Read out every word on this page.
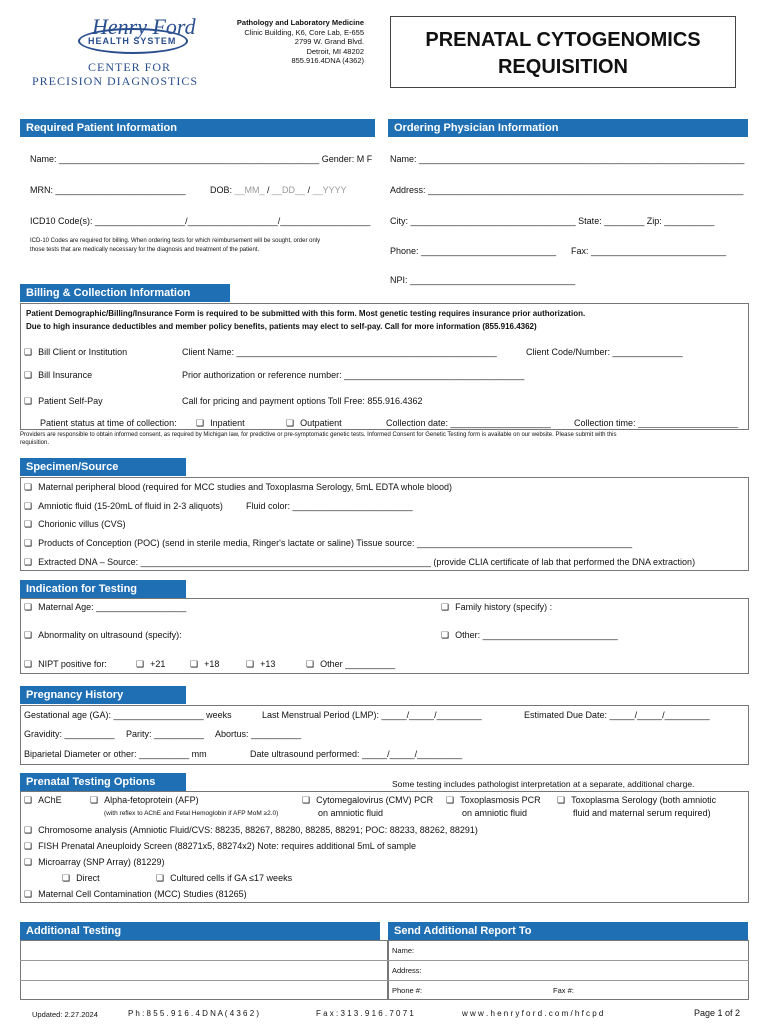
Henry Ford
HEALTH SYSTEM
CENTER FOR
PRECISION DIAGNOSTICS
Pathology and Laboratory Medicine
Clinic Building, K6, Core Lab, E-655
2799 W. Grand Blvd.
Detroit, MI 48202
855.916.4DNA (4362)
PRENATAL CYTOGENOMICS
REQUISITION
Required Patient Information	Ordering Physician Information
Name: ____________________________________________________ Gender: M F
MRN: __________________________	DOB: __MM_ / __DD__ / __YYYY
ICD10 Code(s): __________________/__________________/__________________
ICD-10 Codes are required for billing. When ordering tests for which reimbursement will be sought, order only
those tests that are medically necessary for the diagnosis and treatment of the patient.
Name: _________________________________________________________________
Address: _______________________________________________________________
City: _________________________________ State: ________ Zip: __________
Phone: ___________________________ Fax: ___________________________
NPI: _________________________________
Billing & Collection Information
Patient Demographic/Billing/Insurance Form is required to be submitted with this form. Most genetic testing requires insurance prior authorization.
Due to high insurance deductibles and member policy benefits, patients may elect to self-pay. Call for more information (855.916.4362)
❏ Bill Client or Institution	Client Name: ____________________________________________________	Client Code/Number: ______________
❏ Bill Insurance	Prior authorization or reference number: ____________________________________
❏ Patient Self-Pay	Call for pricing and payment options Toll Free: 855.916.4362
Patient status at time of collection:	❏ Inpatient	❏ Outpatient	Collection date: ____________________	Collection time: ____________________
Providers are responsible to obtain informed consent, as required by Michigan law, for predictive or pre-symptomatic genetic tests. Informed Consent for Genetic Testing form is available on our website. Please submit with this
requisition.
Specimen/Source
❏ Maternal peripheral blood (required for MCC studies and Toxoplasma Serology, 5mL EDTA whole blood)
❏ Amniotic fluid (15-20mL of fluid in 2-3 aliquots)	Fluid color: ________________________
❏ Chorionic villus (CVS)
❏ Products of Conception (POC) (send in sterile media, Ringer's lactate or saline) Tissue source: ___________________________________________
❏ Extracted DNA – Source: __________________________________________________________ (provide CLIA certificate of lab that performed the DNA extraction)
Indication for Testing
❏ Maternal Age: __________________	❏ Family history (specify) :
❏ Abnormality on ultrasound (specify):	❏ Other: ___________________________
❏ NIPT positive for:	❏ +21	❏ +18	❏ +13	❏ Other __________
Pregnancy History
Gestational age (GA): __________________ weeks	Last Menstrual Period (LMP): _____/_____/_________	Estimated Due Date: _____/_____/_________
Gravidity: __________ Parity: __________ Abortus: __________
Biparietal Diameter or other: __________ mm	Date ultrasound performed: _____/_____/_________
Prenatal Testing Options	Some testing includes pathologist interpretation at a separate, additional charge.
❏ AChE	❏ Alpha-fetoprotein (AFP)
(with reflex to AChE and Fetal Hemoglobin if AFP MoM ≥2.0)
❏ Cytomegalovirus (CMV) PCR
on amniotic fluid
❏ Toxoplasmosis PCR
on amniotic fluid
❏ Toxoplasma Serology (both amniotic
fluid and maternal serum required)
❏ Chromosome analysis (Amniotic Fluid/CVS: 88235, 88267, 88280, 88285, 88291; POC: 88233, 88262, 88291)
❏ FISH Prenatal Aneuploidy Screen (88271x5, 88274x2) Note: requires additional 5mL of sample
❏ Microarray (SNP Array) (81229)
❏ Direct	❏ Cultured cells if GA ≤17 weeks
❏ Maternal Cell Contamination (MCC) Studies (81265)
Additional Testing	Send Additional Report To
Name:
Address:
Phone #:	Fax #:
Updated: 2.27.2024	P h : 8 5 5 . 9 1 6 . 4 D N A ( 4 3 6 2 )	F a x : 3 1 3 . 9 1 6 . 7 0 7 1	w w w . h e n r y f o r d . c o m / h f c p d	Page 1 of 2
